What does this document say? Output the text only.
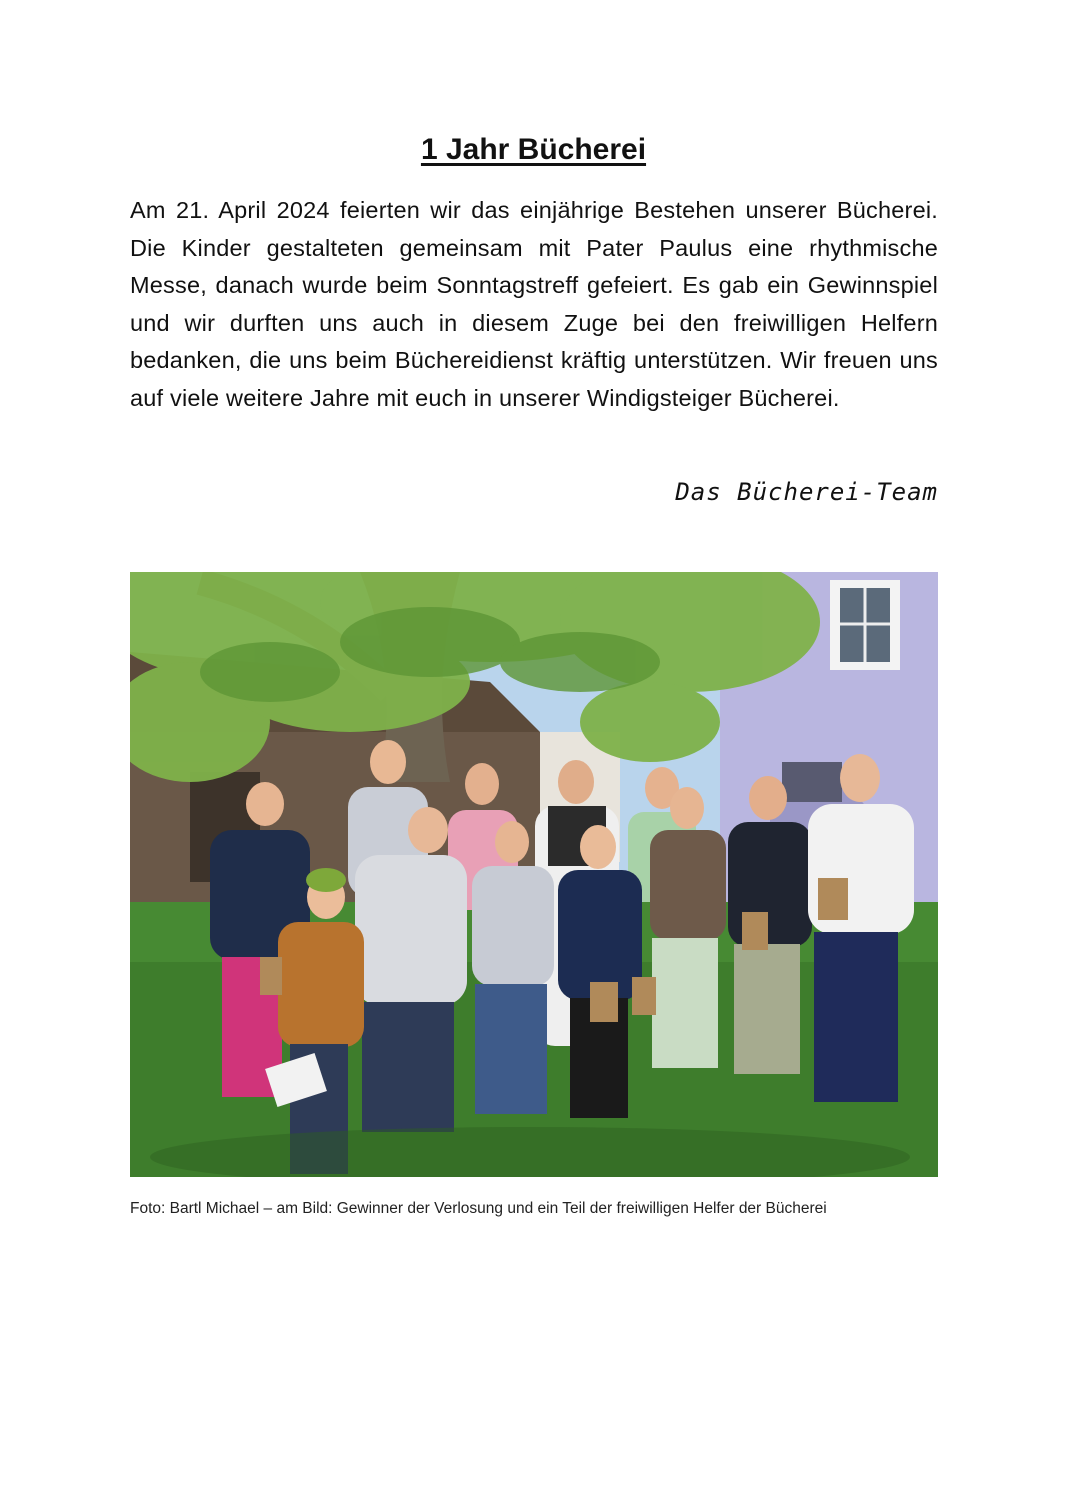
1 Jahr Bücherei

Am 21. April 2024 feierten wir das einjährige Bestehen unserer Bücherei. Die Kinder gestalteten gemeinsam mit Pater Paulus eine rhythmische Messe, danach wurde beim Sonntagstreff gefeiert. Es gab ein Gewinnspiel und wir durften uns auch in diesem Zuge bei den freiwilligen Helfern bedanken, die uns beim Büchereidienst kräftig unterstützen. Wir freuen uns auf viele weitere Jahre mit euch in unserer Windigsteiger Bücherei.

Das Bücherei-Team

Foto: Bartl Michael – am Bild: Gewinner der Verlosung und ein Teil der freiwilligen Helfer der Bücherei
